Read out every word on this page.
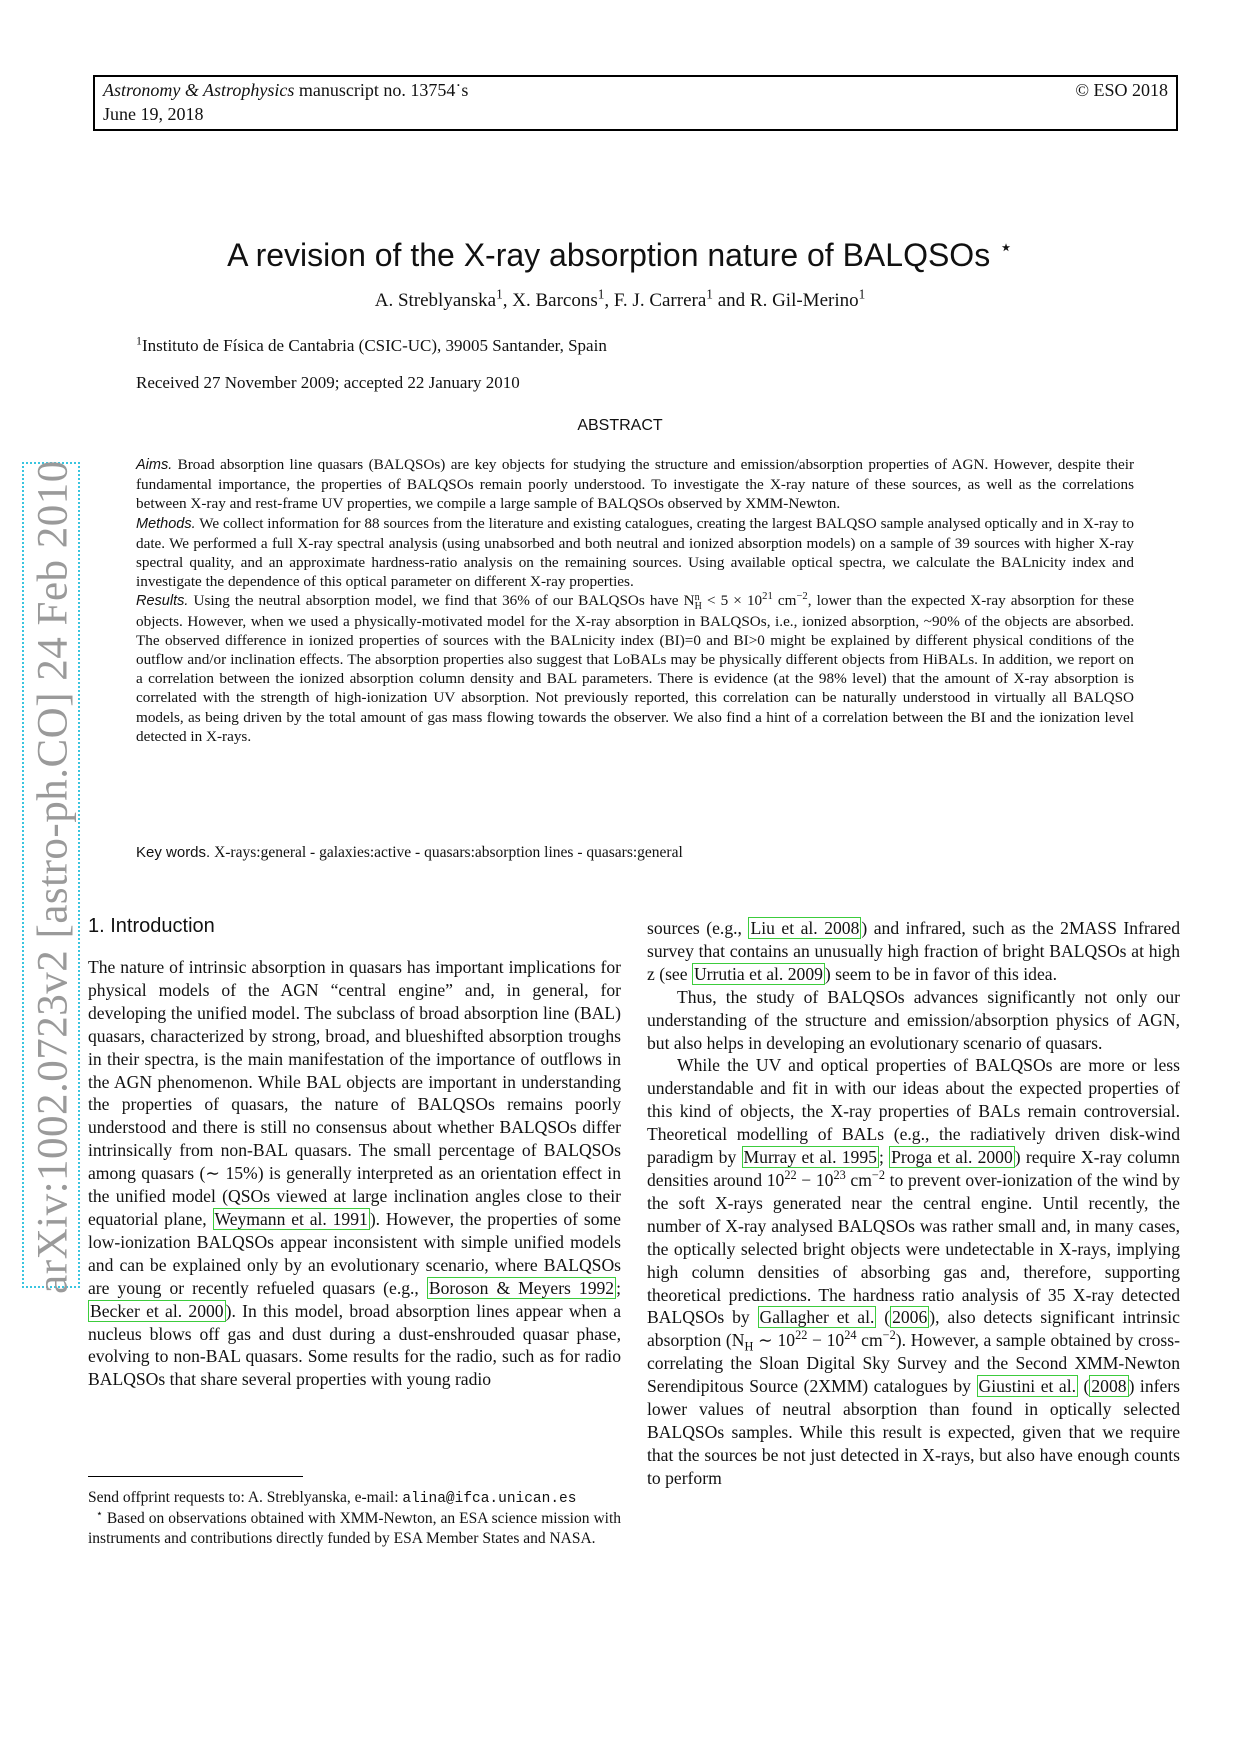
Astronomy & Astrophysics manuscript no. 13754˙s
June 19, 2018
© ESO 2018
arXiv:1002.0723v2 [astro-ph.CO] 24 Feb 2010
A revision of the X-ray absorption nature of BALQSOs ⋆
A. Streblyanska$^1$, X. Barcons$^1$, F. J. Carrera$^1$ and R. Gil-Merino$^1$
$^1$Instituto de Física de Cantabria (CSIC-UC), 39005 Santander, Spain
Received 27 November 2009; accepted 22 January 2010
ABSTRACT

Aims. Broad absorption line quasars (BALQSOs) are key objects for studying the structure and emission/absorption properties of AGN. However, despite their fundamental importance, the properties of BALQSOs remain poorly understood. To investigate the X-ray nature of these sources, as well as the correlations between X-ray and rest-frame UV properties, we compile a large sample of BALQSOs observed by XMM-Newton.

Methods. We collect information for 88 sources from the literature and existing catalogues, creating the largest BALQSO sample analysed optically and in X-ray to date. We performed a full X-ray spectral analysis (using unabsorbed and both neutral and ionized absorption models) on a sample of 39 sources with higher X-ray spectral quality, and an approximate hardness-ratio analysis on the remaining sources. Using available optical spectra, we calculate the BALnicity index and investigate the dependence of this optical parameter on different X-ray properties.

Results. Using the neutral absorption model, we find that 36% of our BALQSOs have Nn
$H < 5 \times 10^{21}$ $cm^{-2}$, lower than the expected X-ray absorption for these objects. However, when we used a physically-motivated model for the X-ray absorption in BALQSOs, i.e., ionized absorption, ~90% of the objects are absorbed. The observed difference in ionized properties of sources with the BALnicity index (BI)=0 and BI>0 might be explained by different physical conditions of the outflow and/or inclination effects. The absorption properties also suggest that LoBALs may be physically different objects from HiBALs. In addition, we report on a correlation between the ionized absorption column density and BAL parameters. There is evidence (at the 98% level) that the amount of X-ray absorption is correlated with the strength of high-ionization UV absorption. Not previously reported, this correlation can be naturally understood in virtually all BALQSO models, as being driven by the total amount of gas mass flowing towards the observer. We also find a hint of a correlation between the BI and the ionization level detected in X-rays.

Key words. X-rays:general - galaxies:active - quasars:absorption lines - quasars:general
1. Introduction

The nature of intrinsic absorption in quasars has important implications for physical models of the AGN “central engine” and, in general, for developing the unified model. The subclass of broad absorption line (BAL) quasars, characterized by strong, broad, and blueshifted absorption troughs in their spectra, is the main manifestation of the importance of outflows in the AGN phenomenon. While BAL objects are important in understanding the properties of quasars, the nature of BALQSOs remains poorly understood and there is still no consensus about whether BALQSOs differ intrinsically from non-BAL quasars. The small percentage of BALQSOs among quasars (∼ 15%) is generally interpreted as an orientation effect in the unified model (QSOs viewed at large inclination angles close to their equatorial plane, Weymann et al. 1991 ). However, the properties of some low-ionization BALQSOs appear inconsistent with simple unified models and can be explained only by an evolutionary scenario, where BALQSOs are young or recently refueled quasars (e.g., Boroson & Meyers 1992 ; Becker et al. 2000 ). In this model, broad absorption lines appear when a nucleus blows off gas and dust during a dust-enshrouded quasar phase, evolving to non-BAL quasars. Some results for the radio, such as for radio BALQSOs that share several properties with young radio

Send offprint requests to: A. Streblyanska, e-mail: alina@ifca.unican.es

⋆ Based on observations obtained with XMM-Newton, an ESA science mission with instruments and contributions directly funded by ESA Member States and NASA.

sources (e.g., Liu et al. 2008 ) and infrared, such as the 2MASS Infrared survey that contains an unusually high fraction of bright BALQSOs at high z (see Urrutia et al. 2009 ) seem to be in favor of this idea.

Thus, the study of BALQSOs advances significantly not only our understanding of the structure and emission/absorption physics of AGN, but also helps in developing an evolutionary scenario of quasars.

While the UV and optical properties of BALQSOs are more or less understandable and fit in with our ideas about the expected properties of this kind of objects, the X-ray properties of BALs remain controversial. Theoretical modelling of BALs (e.g., the radiatively driven disk-wind paradigm by Murray et al. 1995 ; Proga et al. 2000 ) require X-ray column densities around $10^{22} - 10^{23}$ $cm^{-2}$ to prevent over-ionization of the wind by the soft X-rays generated near the central engine. Until recently, the number of X-ray analysed BALQSOs was rather small and, in many cases, the optically selected bright objects were undetectable in X-rays, implying high column densities of absorbing gas and, therefore, supporting theoretical predictions. The hardness ratio analysis of 35 X-ray detected BALQSOs by Gallagher et al. ( 2006 ), also detects significant intrinsic absorption ($N_H$ ∼ $10^{22} - 10^{24}$ $cm^{-2}$). However, a sample obtained by cross-correlating the Sloan Digital Sky Survey and the Second XMM-Newton Serendipitous Source (2XMM) catalogues by Giustini et al. ( 2008 ) infers lower values of neutral absorption than found in optically selected BALQSOs samples. While this result is expected, given that we require that the sources be not just detected in X-rays, but also have enough counts to perform
